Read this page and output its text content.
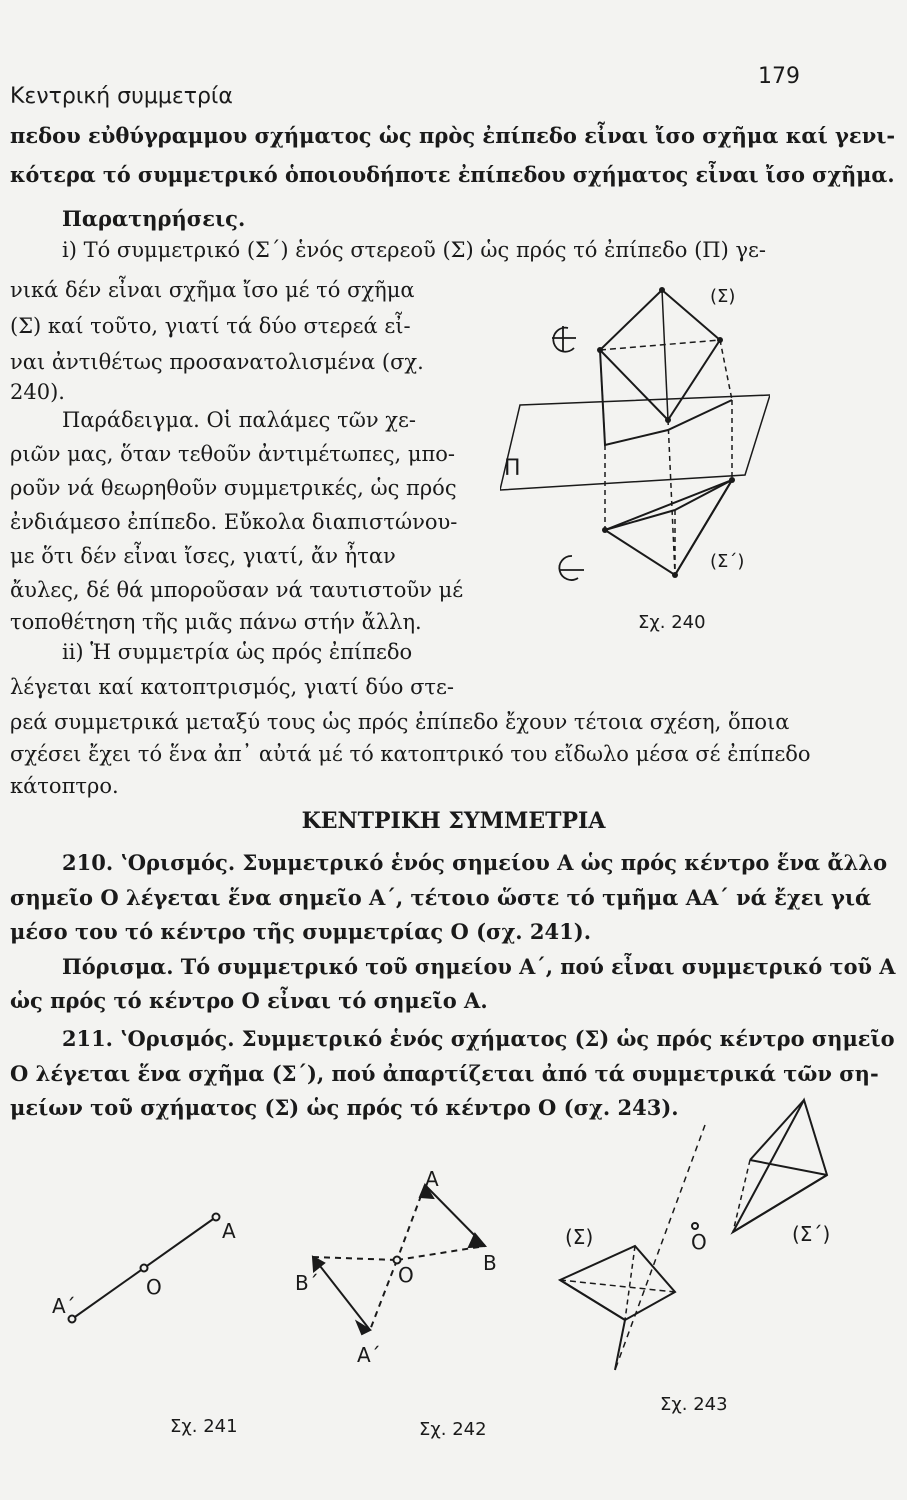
Κεντρική συμμετρία
179
πεδου εὐθύγραμμου σχήματος ὡς πρὸς ἐπίπεδο εἶναι ἴσο σχῆμα καί γενι-
κότερα τό συμμετρικό ὁποιουδήποτε ἐπίπεδου σχήματος εἶναι ἴσο σχῆμα.
Παρατηρήσεις.
i) Τό συμμετρικό (Σ΄) ἑνός στερεοῦ (Σ) ὡς πρός τό ἐπίπεδο (Π) γε-
νικά δέν εἶναι σχῆμα ἴσο μέ τό σχῆμα
(Σ) καί τοῦτο, γιατί τά δύο στερεά εἶ-
ναι ἀντιθέτως προσανατολισμένα (σχ.
240).
Παράδειγμα. Οἱ παλάμες τῶν χε-
ριῶν μας, ὅταν τεθοῦν ἀντιμέτωπες, μπο-
ροῦν νά θεωρηθοῦν συμμετρικές, ὡς πρός
ἐνδιάμεσο ἐπίπεδο. Εὔκολα διαπιστώνου-
με ὅτι δέν εἶναι ἴσες, γιατί, ἄν ἦταν
ἄυλες, δέ θά μποροῦσαν νά ταυτιστοῦν μέ
τοποθέτηση τῆς μιᾶς πάνω στήν ἄλλη.
ii) Ἡ συμμετρία ὡς πρός ἐπίπεδο
λέγεται καί κατοπτρισμός, γιατί δύο στε-
ρεά συμμετρικά μεταξύ τους ὡς πρός ἐπίπεδο ἔχουν τέτοια σχέση, ὅποια
σχέσει ἔχει τό ἕνα ἀπ᾽ αὐτά μέ τό κατοπτρικό του εἴδωλο μέσα σέ ἐπίπεδο
κάτοπτρο.
ΚΕΝΤΡΙΚΗ ΣΥΜΜΕΤΡΙΑ
210. ʽΟρισμός. Συμμετρικό ἑνός σημείου Α ὡς πρός κέντρο ἕνα ἄλλο
σημεῖο Ο λέγεται ἕνα σημεῖο Α΄, τέτοιο ὥστε τό τμῆμα ΑΑ΄ νά ἔχει γιά
μέσο του τό κέντρο τῆς συμμετρίας Ο (σχ. 241).
Πόρισμα. Τό συμμετρικό τοῦ σημείου Α΄, πού εἶναι συμμετρικό τοῦ Α
ὡς πρός τό κέντρο Ο εἶναι τό σημεῖο Α.
211. ʽΟρισμός. Συμμετρικό ἑνός σχήματος (Σ) ὡς πρός κέντρο σημεῖο
Ο λέγεται ἕνα σχῆμα (Σ΄), πού ἀπαρτίζεται ἀπό τά συμμετρικά τῶν ση-
μείων τοῦ σχήματος (Σ) ὡς πρός τό κέντρο Ο (σχ. 243).
(Σ)
(Σ΄)
Π
Σχ. 240
Α
Ο
Α΄
Σχ. 241
Α
Β
Ο
Β΄
Α΄
Σχ. 242
(Σ)	Ο	(Σ΄)
Σχ. 243
